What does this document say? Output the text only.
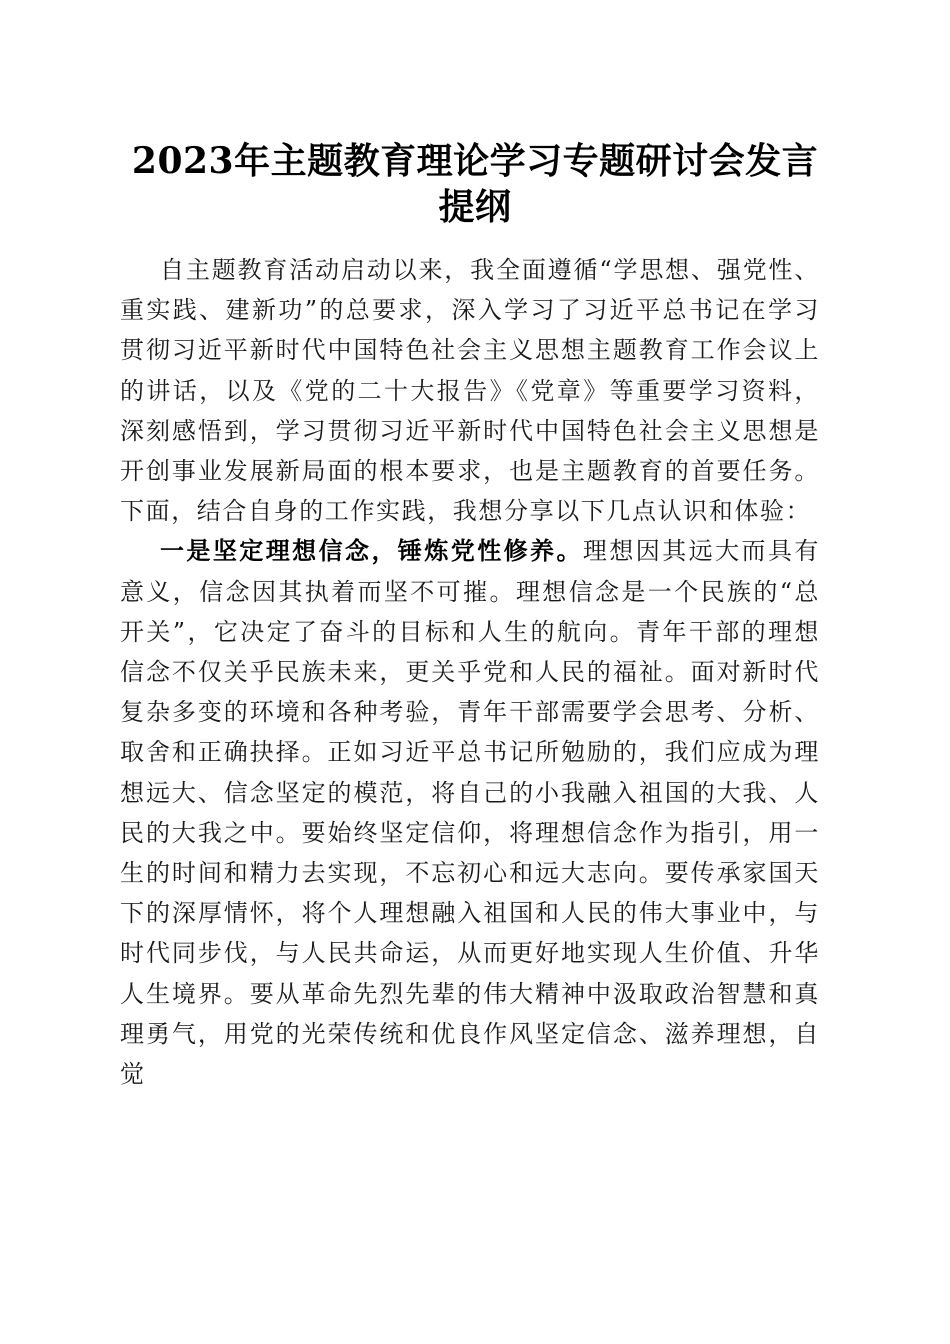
2023年主题教育理论学习专题研讨会发言提纲

自主题教育活动启动以来，我全面遵循“学思想、强党性、重实践、建新功”的总要求，深入学习了习近平总书记在学习贯彻习近平新时代中国特色社会主义思想主题教育工作会议上的讲话，以及《党的二十大报告》《党章》等重要学习资料，深刻感悟到，学习贯彻习近平新时代中国特色社会主义思想是开创事业发展新局面的根本要求，也是主题教育的首要任务。下面，结合自身的工作实践，我想分享以下几点认识和体验：

一是坚定理想信念，锤炼党性修养。理想因其远大而具有意义，信念因其执着而坚不可摧。理想信念是一个民族的“总开关”，它决定了奋斗的目标和人生的航向。青年干部的理想信念不仅关乎民族未来，更关乎党和人民的福祉。面对新时代复杂多变的环境和各种考验，青年干部需要学会思考、分析、取舍和正确抉择。正如习近平总书记所勉励的，我们应成为理想远大、信念坚定的模范，将自己的小我融入祖国的大我、人民的大我之中。要始终坚定信仰，将理想信念作为指引，用一生的时间和精力去实现，不忘初心和远大志向。要传承家国天下的深厚情怀，将个人理想融入祖国和人民的伟大事业中，与时代同步伐，与人民共命运，从而更好地实现人生价值、升华人生境界。要从革命先烈先辈的伟大精神中汲取政治智慧和真理勇气，用党的光荣传统和优良作风坚定信念、滋养理想，自觉
